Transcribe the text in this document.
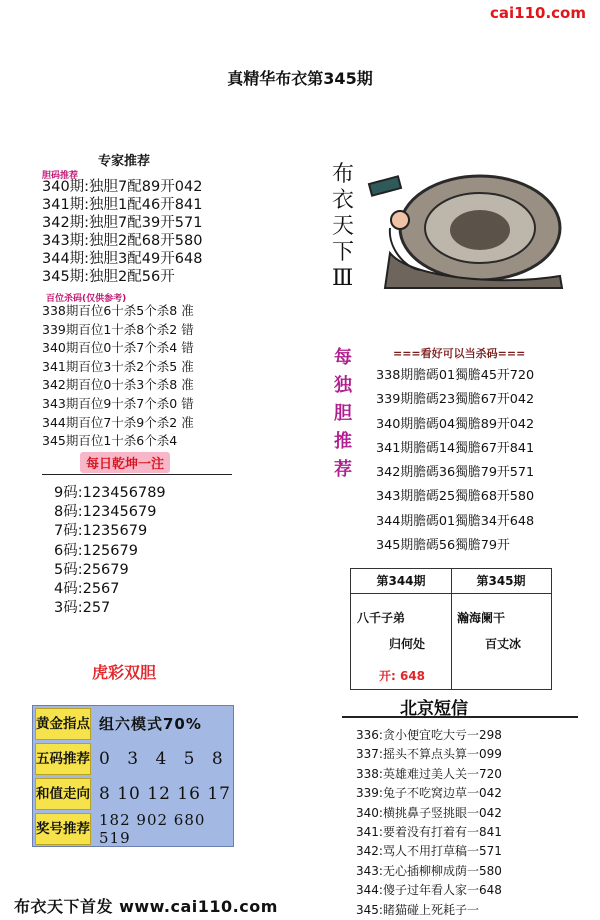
cai110.com
真精华布衣第345期
专家推荐
胆码推荐
340期:独胆7配89开042
341期:独胆1配46开841
342期:独胆7配39开571
343期:独胆2配68开580
344期:独胆3配49开648
345期:独胆2配56开
百位杀码(仅供参考)
338期百位6十杀5个杀8 准
339期百位1十杀8个杀2 错
340期百位0十杀7个杀4 错
341期百位3十杀2个杀5 准
342期百位0十杀3个杀8 准
343期百位9十杀7个杀0 错
344期百位7十杀9个杀2 准
345期百位1十杀6个杀4
每日乾坤一注
9码:123456789
8码:12345679
7码:1235679
6码:125679
5码:25679
4码:2567
3码:257
虎彩双胆
黄金指点 组六模式70%
五码推荐 0 3 4 5 8
和值走向 8 10 12 16 17
奖号推荐 182 902 680 519
布衣天下Ⅲ
每独胆推荐
===看好可以当杀码===
338期膽碼01獨膽45开720
339期膽碼23獨膽67开042
340期膽碼04獨膽89开042
341期膽碼14獨膽67开841
342期膽碼36獨膽79开571
343期膽碼25獨膽68开580
344期膽碼01獨膽34开648
345期膽碼56獨膽79开
第344期	第345期
八千子弟
归何处
瀚海阑干
百丈冰
开: 648
北京短信
336:贪小便宜吃大亏一298
337:摇头不算点头算一099
338:英雄难过美人关一720
339:兔子不吃窝边草一042
340:横挑鼻子竖挑眼一042
341:要着没有打着有一841
342:骂人不用打草稿一571
343:无心插柳柳成荫一580
344:傻子过年看人家一648
345:睹猫碰上死耗子一
布衣天下首发 www.cai110.com
